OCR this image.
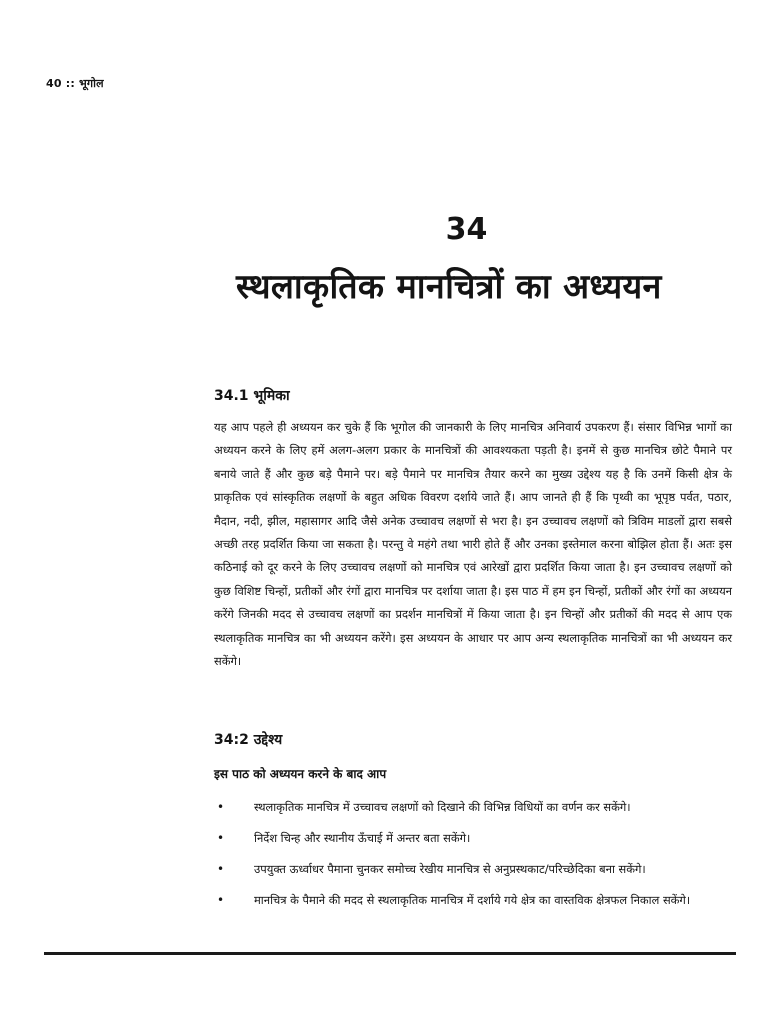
40 :: भूगोल
34
स्थलाकृतिक मानचित्रों का अध्ययन
34.1 भूमिका

यह आप पहले ही अध्ययन कर चुके हैं कि भूगोल की जानकारी के लिए मानचित्र अनिवार्य उपकरण हैं। संसार विभिन्न भागों का अध्ययन करने के लिए हमें अलग-अलग प्रकार के मानचित्रों की आवश्यकता पड़ती है। इनमें से कुछ मानचित्र छोटे पैमाने पर बनाये जाते हैं और कुछ बड़े पैमाने पर। बड़े पैमाने पर मानचित्र तैयार करने का मुख्य उद्देश्य यह है कि उनमें किसी क्षेत्र के प्राकृतिक एवं सांस्कृतिक लक्षणों के बहुत अधिक विवरण दर्शाये जाते हैं। आप जानते ही हैं कि पृथ्वी का भूपृष्ठ पर्वत, पठार, मैदान, नदी, झील, महासागर आदि जैसे अनेक उच्चावच लक्षणों से भरा है। इन उच्चावच लक्षणों को त्रिविम माडलों द्वारा सबसे अच्छी तरह प्रदर्शित किया जा सकता है। परन्तु वे महंगे तथा भारी होते हैं और उनका इस्तेमाल करना बोझिल होता हैं। अतः इस कठिनाई को दूर करने के लिए उच्चावच लक्षणों को मानचित्र एवं आरेखों द्वारा प्रदर्शित किया जाता है। इन उच्चावच लक्षणों को कुछ विशिष्ट चिन्हों, प्रतीकों और रंगों द्वारा मानचित्र पर दर्शाया जाता है। इस पाठ में हम इन चिन्हों, प्रतीकों और रंगों का अध्ययन करेंगे जिनकी मदद से उच्चावच लक्षणों का प्रदर्शन मानचित्रों में किया जाता है। इन चिन्हों और प्रतीकों की मदद से आप एक स्थलाकृतिक मानचित्र का भी अध्ययन करेंगे। इस अध्ययन के आधार पर आप अन्य स्थलाकृतिक मानचित्रों का भी अध्ययन कर सकेंगे।

34:2 उद्देश्य
इस पाठ को अध्ययन करने के बाद आप
•	स्थलाकृतिक मानचित्र में उच्चावच लक्षणों को दिखाने की विभिन्न विधियों का वर्णन कर सकेंगे।
•	निर्देश चिन्ह और स्थानीय ऊँचाई में अन्तर बता सकेंगे।
•	उपयुक्त ऊर्ध्वाधर पैमाना चुनकर समोच्च रेखीय मानचित्र से अनुप्रस्थकाट/परिच्छेदिका बना सकेंगे।
•	मानचित्र के पैमाने की मदद से स्थलाकृतिक मानचित्र में दर्शाये गये क्षेत्र का वास्तविक क्षेत्रफल निकाल सकेंगे।
